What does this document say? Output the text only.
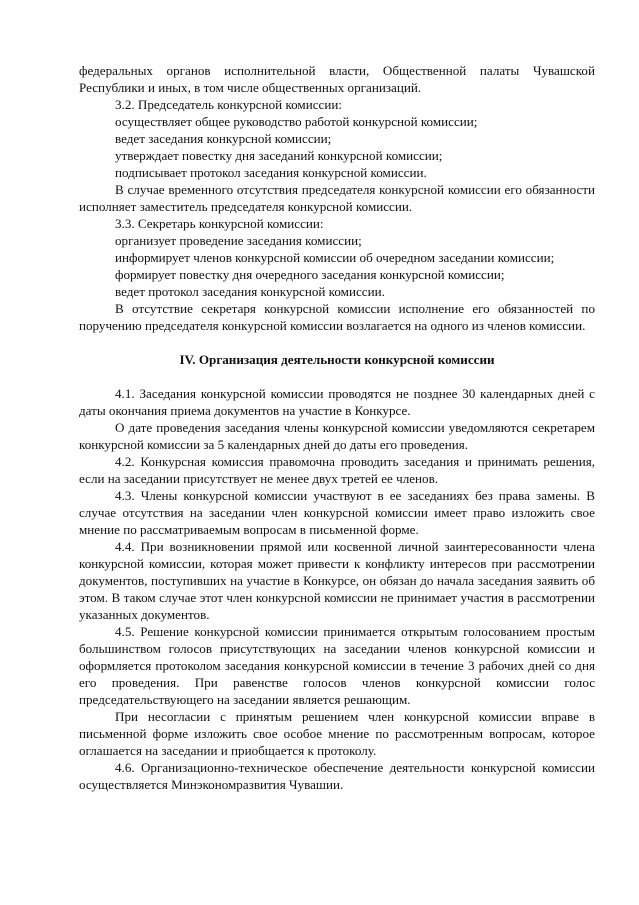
федеральных органов исполнительной власти, Общественной палаты Чувашской Республики и иных, в том числе общественных организаций.

3.2. Председатель конкурсной комиссии:

осуществляет общее руководство работой конкурсной комиссии;

ведет заседания конкурсной комиссии;

утверждает повестку дня заседаний конкурсной комиссии;

подписывает протокол заседания конкурсной комиссии.

В случае временного отсутствия председателя конкурсной комиссии его обязанности исполняет заместитель председателя конкурсной комиссии.

3.3. Секретарь конкурсной комиссии:

организует проведение заседания комиссии;

информирует членов конкурсной комиссии об очередном заседании комиссии;

формирует повестку дня очередного заседания конкурсной комиссии;

ведет протокол заседания конкурсной комиссии.

В отсутствие секретаря конкурсной комиссии исполнение его обязанностей по поручению председателя конкурсной комиссии возлагается на одного из членов комиссии.

IV. Организация деятельности конкурсной комиссии

4.1. Заседания конкурсной комиссии проводятся не позднее 30 календарных дней с даты окончания приема документов на участие в Конкурсе.

О дате проведения заседания члены конкурсной комиссии уведомляются секретарем конкурсной комиссии за 5 календарных дней до даты его проведения.

4.2. Конкурсная комиссия правомочна проводить заседания и принимать решения, если на заседании присутствует не менее двух третей ее членов.

4.3. Члены конкурсной комиссии участвуют в ее заседаниях без права замены. В случае отсутствия на заседании член конкурсной комиссии имеет право изложить свое мнение по рассматриваемым вопросам в письменной форме.

4.4. При возникновении прямой или косвенной личной заинтересованности члена конкурсной комиссии, которая может привести к конфликту интересов при рассмотрении документов, поступивших на участие в Конкурсе, он обязан до начала заседания заявить об этом. В таком случае этот член конкурсной комиссии не принимает участия в рассмотрении указанных документов.

4.5. Решение конкурсной комиссии принимается открытым голосованием простым большинством голосов присутствующих на заседании членов конкурсной комиссии и оформляется протоколом заседания конкурсной комиссии в течение 3 рабочих дней со дня его проведения. При равенстве голосов членов конкурсной комиссии голос председательствующего на заседании является решающим.

При несогласии с принятым решением член конкурсной комиссии вправе в письменной форме изложить свое особое мнение по рассмотренным вопросам, которое оглашается на заседании и приобщается к протоколу.

4.6. Организационно-техническое обеспечение деятельности конкурсной комиссии осуществляется Минэкономразвития Чувашии.
